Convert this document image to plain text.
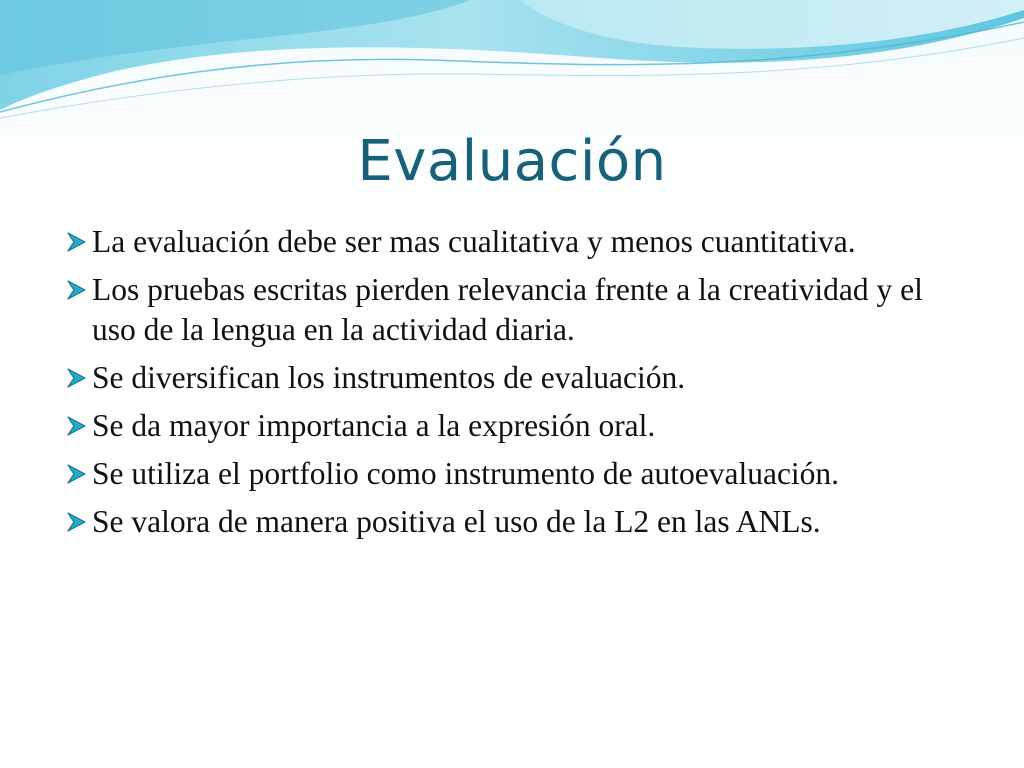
Evaluación
La evaluación debe ser mas cualitativa y menos cuantitativa.
Los pruebas escritas pierden relevancia frente a la creatividad y el uso de la lengua en la actividad diaria.
Se diversifican los instrumentos de evaluación.
Se da mayor importancia a la expresión oral.
Se utiliza el portfolio como instrumento de autoevaluación.
Se valora de manera positiva el uso de la L2 en las ANLs.
